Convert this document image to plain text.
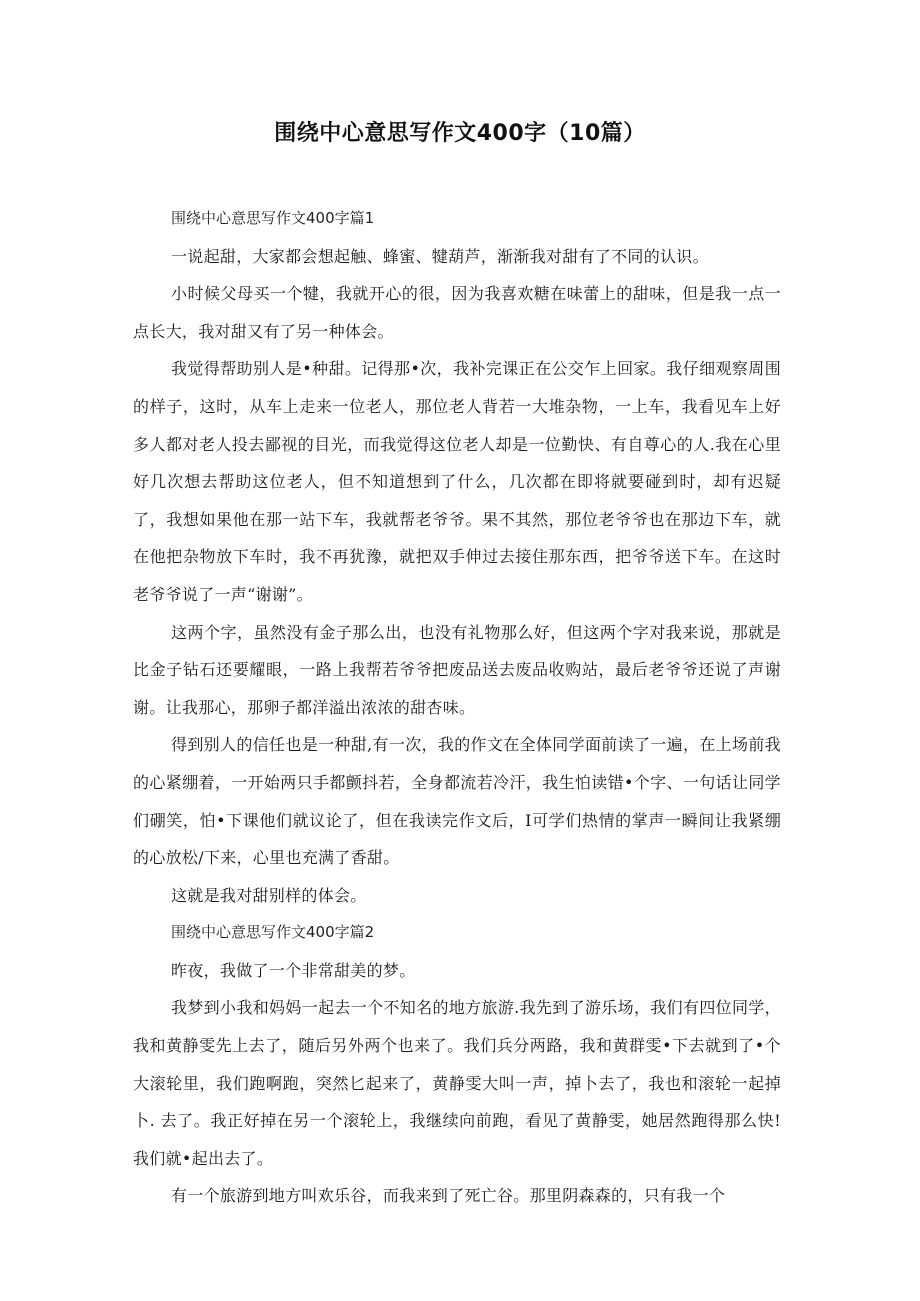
围绕中心意思写作文400字（10篇）

围绕中心意思写作文400字篇1

一说起甜，大家都会想起触、蜂蜜、犍葫芦，渐渐我对甜有了不同的认识。

小时候父母买一个犍，我就开心的很，因为我喜欢糖在味蕾上的甜味，但是我一点一点长大，我对甜又有了另一种体会。

我觉得帮助别人是•种甜。记得那•次，我补完课正在公交乍上回家。我仔细观察周围的样子，这时，从车上走来一位老人，那位老人背若一大堆杂物，一上车，我看见车上好多人都对老人投去鄙视的目光，而我觉得这位老人却是一位勤快、有自尊心的人.我在心里好几次想去帮助这位老人，但不知道想到了什么，几次都在即将就要碰到时，却有迟疑了，我想如果他在那一站下车，我就帮老爷爷。果不其然，那位老爷爷也在那边下车，就在他把杂物放下车时，我不再犹豫，就把双手伸过去接住那东西，把爷爷送下车。在这时老爷爷说了一声“谢谢”。

这两个字，虽然没有金子那么出，也没有礼物那么好，但这两个字对我来说，那就是比金子钻石还要耀眼，一路上我帮若爷爷把废品送去废品收购站，最后老爷爷还说了声谢谢。让我那心，那卵子都洋溢出浓浓的甜杏味。

得到别人的信任也是一种甜,有一次，我的作文在全体同学面前读了一遍，在上场前我的心紧绷着，一开始两只手都颤抖若，全身都流若冷汗，我生怕读错•个字、一句话让同学们硼笑，怕•下课他们就议论了，但在我读完作文后，I可学们热情的掌声一瞬间让我紧绷的心放松/下来，心里也充满了香甜。

这就是我对甜别样的体会。

围绕中心意思写作文400字篇2

昨夜，我做了一个非常甜美的梦。

我梦到小我和妈妈一起去一个不知名的地方旅游.我先到了游乐场，我们有四位同学，我和黄静雯先上去了，随后另外两个也来了。我们兵分两路，我和黄群雯•下去就到了•个大滚轮里，我们跑啊跑，突然匕起来了，黄静雯大叫一声，掉卜去了，我也和滚轮一起掉卜. 去了。我正好掉在另一个滚轮上，我继续向前跑，看见了黄静雯，她居然跑得那么快!我们就•起出去了。

有一个旅游到地方叫欢乐谷，而我来到了死亡谷。那里阴森森的，只有我一个
